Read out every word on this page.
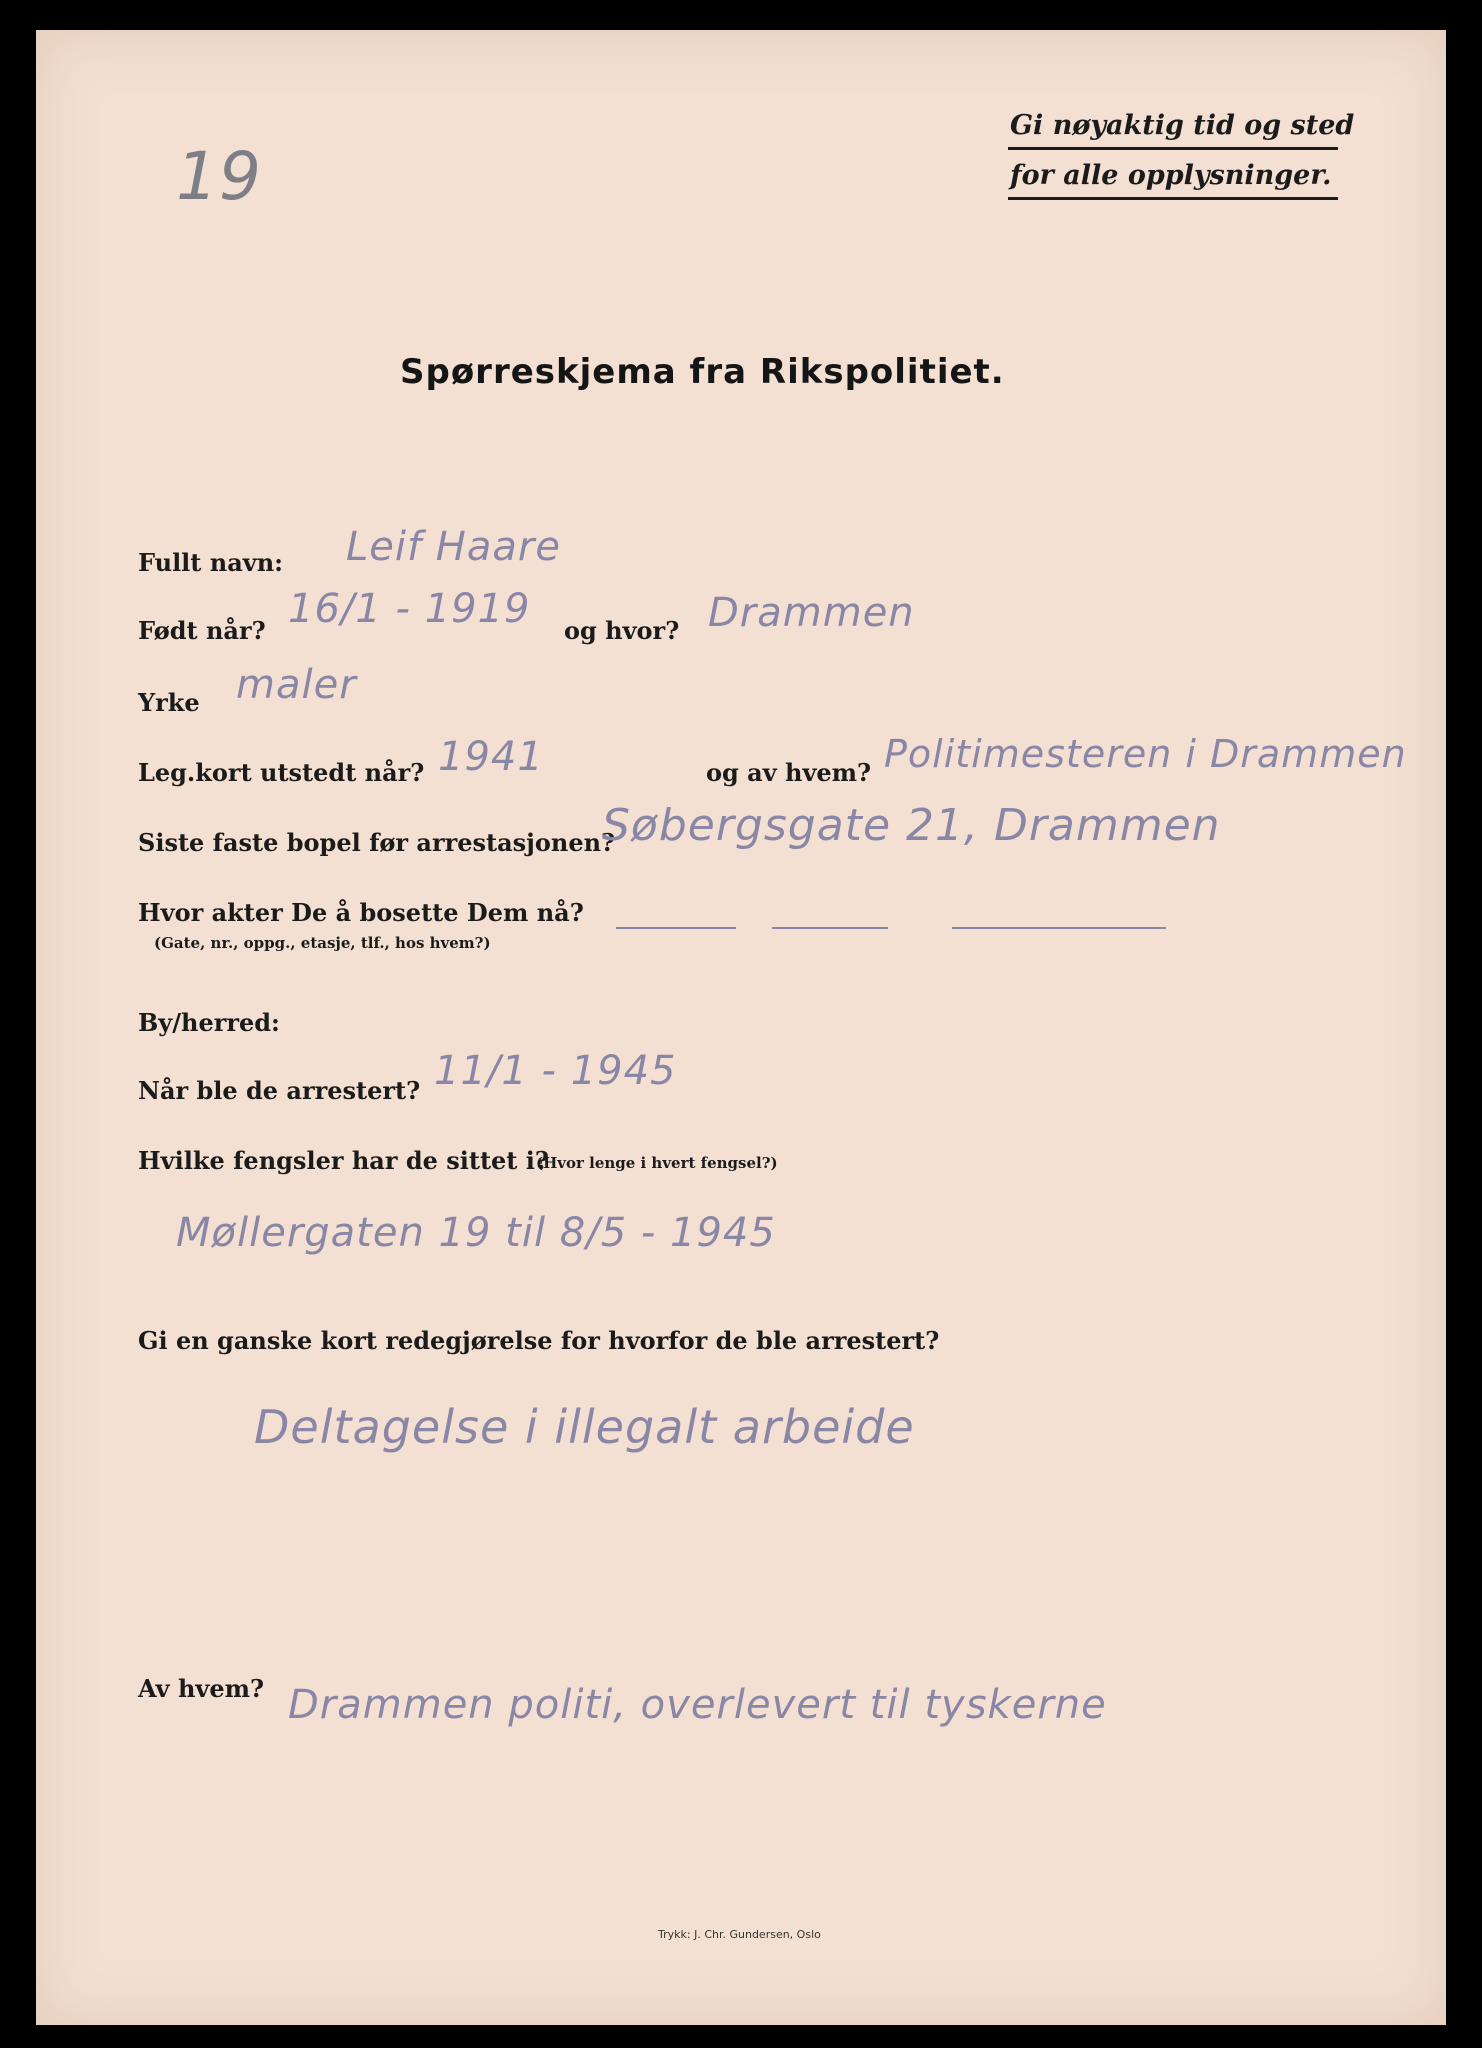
19
Gi nøyaktig tid og sted
for alle opplysninger.
Spørreskjema fra Rikspolitiet.
Fullt navn: Leif Haare
Født når? 16/1 - 1919 og hvor? Drammen
Yrke maler
Leg.kort utstedt når? 1941	og av hvem? Politimesteren i Drammen
Siste faste bopel før arrestasjonen?
Søbergsgate 21, Drammen
Hvor akter De å bosette Dem nå?
(Gate, nr., oppg., etasje, tlf., hos hvem?)
By/herred:
Når ble de arrestert? 11/1 - 1945
Hvilke fengsler har de sittet i?
(Hvor lenge i hvert fengsel?)
Møllergaten 19 til 8/5 - 1945
Gi en ganske kort redegjørelse for hvorfor de ble arrestert?
Deltagelse i illegalt arbeide
Av hvem? Drammen politi, overlevert til tyskerne
Trykk: J. Chr. Gundersen, Oslo
